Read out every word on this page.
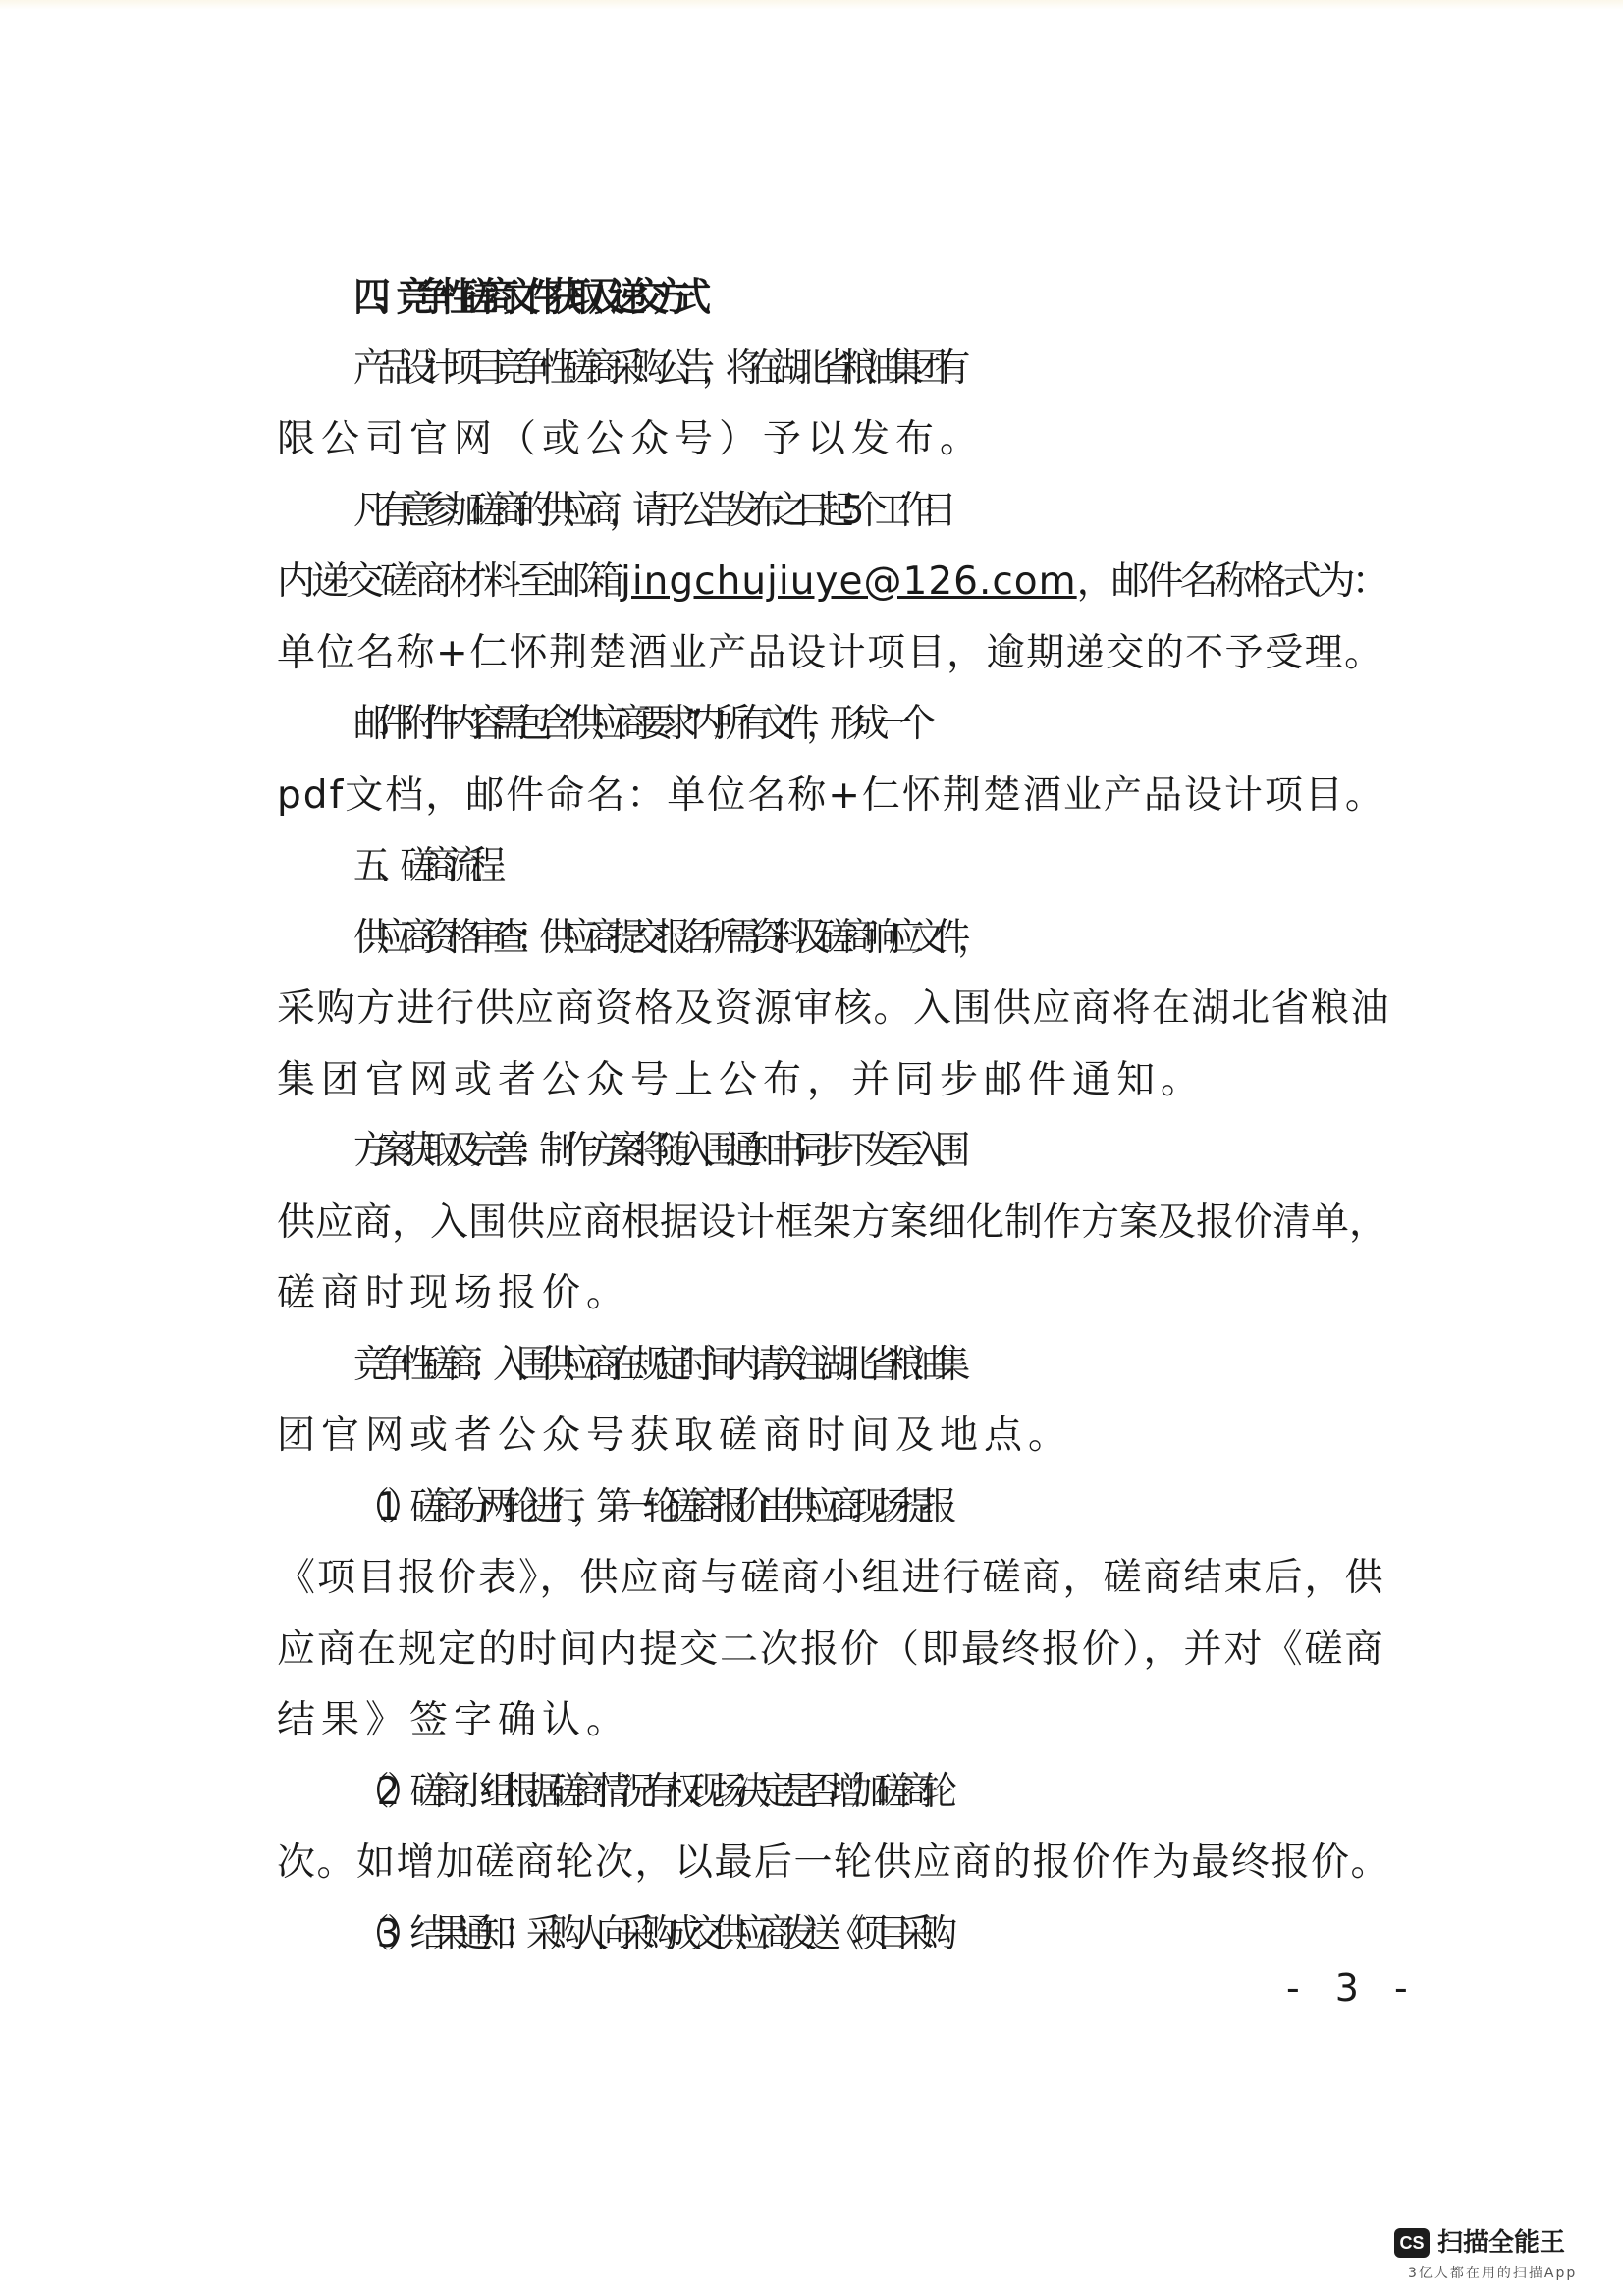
四、竞争性磋商文件获取及递交方式
产品设计项目竞争性磋商采购公告，将在湖北省粮油集团有
限公司官网（或公众号）予以发布。
凡有意参加磋商的供应商，请于公告发布之日起5个工作日
内递交磋商材料至邮箱jingchujiuye@126.com，邮件名称格式为：
单位名称+仁怀荆楚酒业产品设计项目，逾期递交的不予受理。
邮件附件内容需包含“供应商要求”内所有文件，形成一个
pdf文档，邮件命名：单位名称+仁怀荆楚酒业产品设计项目。
五、磋商流程
供应商资格审查：供应商提交报名所需资料及磋商响应文件，
采购方进行供应商资格及资源审核。入围供应商将在湖北省粮油
集团官网或者公众号上公布，并同步邮件通知。
方案获取及完善：制作方案将随入围通知书同步下发至入围
供应商，入围供应商根据设计框架方案细化制作方案及报价清单，
磋商时现场报价。
竞争性磋商：入围供应商在规定时间内请关注湖北省粮油集
团官网或者公众号获取磋商时间及地点。
（1）磋商分两轮进行，第一轮磋商报价由供应商现场提报
《项目报价表》，供应商与磋商小组进行磋商，磋商结束后，供
应商在规定的时间内提交二次报价（即最终报价），并对《磋商
结果》签字确认。
（2）磋商小组根据磋商情况有权现场决定是否增加磋商轮
次。如增加磋商轮次，以最后一轮供应商的报价作为最终报价。
（3）结果通知：采购人向采购成交供应商发送《项目采购
- 3 -
CS 扫描全能王
3亿人都在用的扫描App
